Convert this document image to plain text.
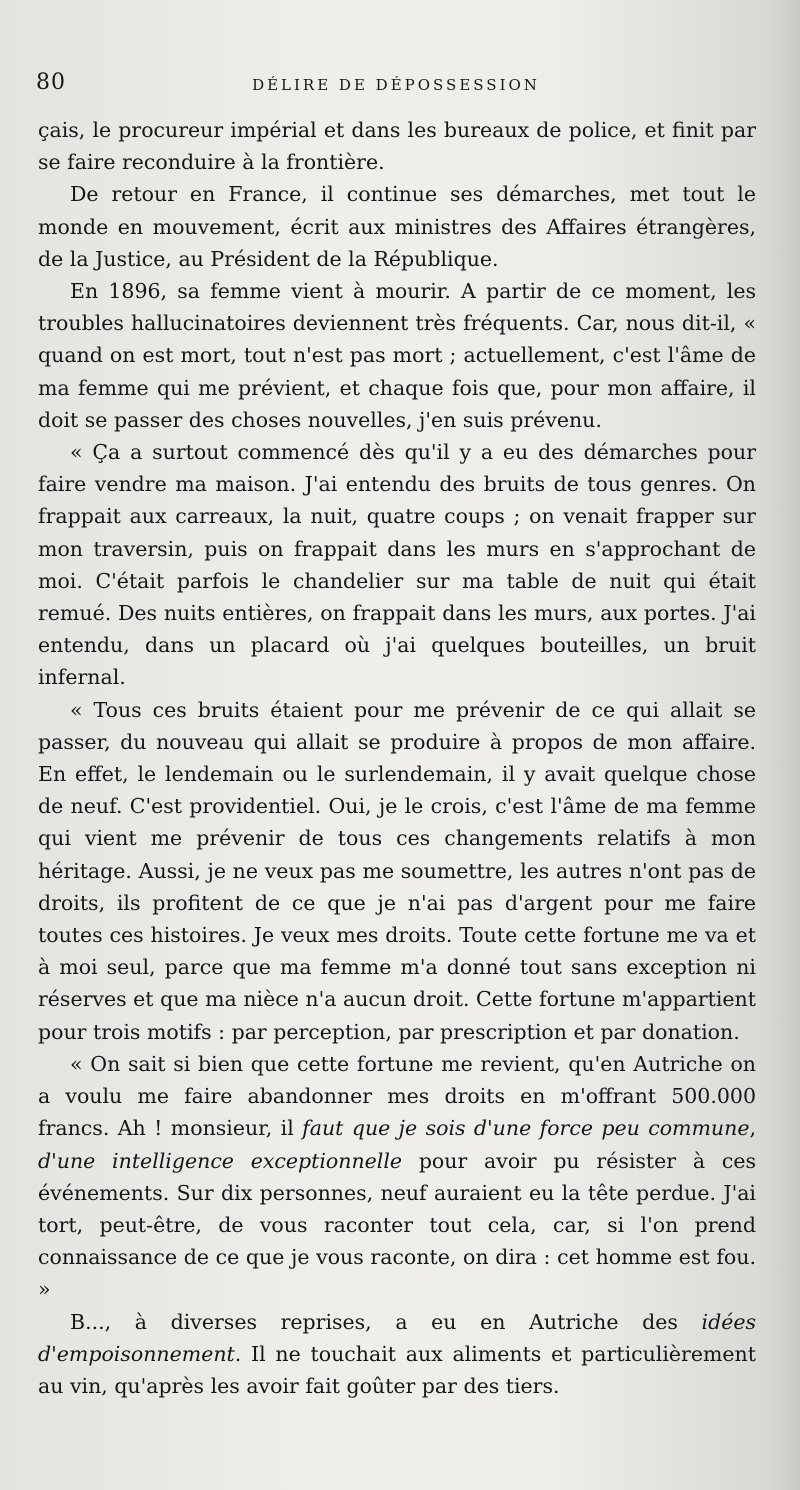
80	DÉLIRE DE DÉPOSSESSION

çais, le procureur impérial et dans les bureaux de police, et finit par se faire reconduire à la frontière.

De retour en France, il continue ses démarches, met tout le monde en mouvement, écrit aux ministres des Affaires étrangères, de la Justice, au Président de la République.

En 1896, sa femme vient à mourir. A partir de ce moment, les troubles hallucinatoires deviennent très fréquents. Car, nous dit-il, « quand on est mort, tout n'est pas mort ; actuellement, c'est l'âme de ma femme qui me prévient, et chaque fois que, pour mon affaire, il doit se passer des choses nouvelles, j'en suis prévenu.

« Ça a surtout commencé dès qu'il y a eu des démarches pour faire vendre ma maison. J'ai entendu des bruits de tous genres. On frappait aux carreaux, la nuit, quatre coups ; on venait frapper sur mon traversin, puis on frappait dans les murs en s'approchant de moi. C'était parfois le chandelier sur ma table de nuit qui était remué. Des nuits entières, on frappait dans les murs, aux portes. J'ai entendu, dans un placard où j'ai quelques bouteilles, un bruit infernal.

« Tous ces bruits étaient pour me prévenir de ce qui allait se passer, du nouveau qui allait se produire à propos de mon affaire. En effet, le lendemain ou le surlendemain, il y avait quelque chose de neuf. C'est providentiel. Oui, je le crois, c'est l'âme de ma femme qui vient me prévenir de tous ces changements relatifs à mon héritage. Aussi, je ne veux pas me soumettre, les autres n'ont pas de droits, ils profitent de ce que je n'ai pas d'argent pour me faire toutes ces histoires. Je veux mes droits. Toute cette fortune me va et à moi seul, parce que ma femme m'a donné tout sans exception ni réserves et que ma nièce n'a aucun droit. Cette fortune m'appartient pour trois motifs : par perception, par prescription et par donation.

« On sait si bien que cette fortune me revient, qu'en Autriche on a voulu me faire abandonner mes droits en m'offrant 500.000 francs. Ah ! monsieur, il faut que je sois d'une force peu commune, d'une intelligence exceptionnelle pour avoir pu résister à ces événements. Sur dix personnes, neuf auraient eu la tête perdue. J'ai tort, peut-être, de vous raconter tout cela, car, si l'on prend connaissance de ce que je vous raconte, on dira : cet homme est fou. »

B..., à diverses reprises, a eu en Autriche des idées d'empoisonnement. Il ne touchait aux aliments et particulièrement au vin, qu'après les avoir fait goûter par des tiers.
